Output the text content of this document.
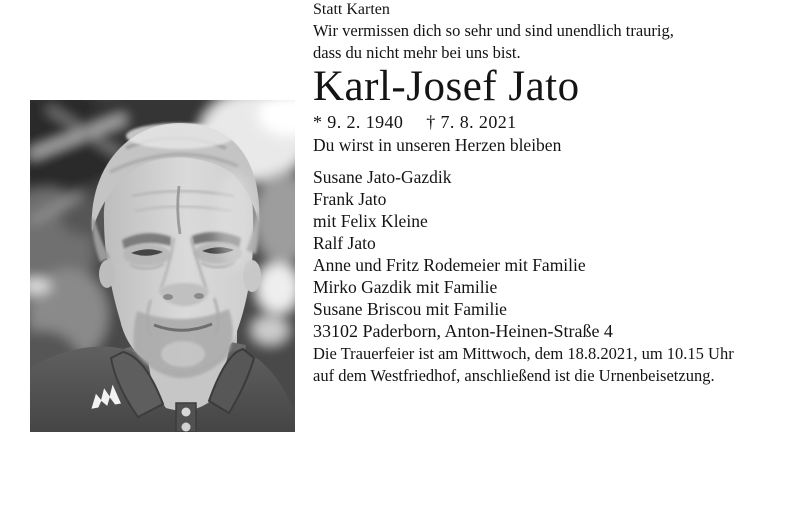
Statt Karten

Wir vermissen dich so sehr und sind unendlich traurig,
dass du nicht mehr bei uns bist.

Karl-Josef Jato

* 9. 2. 1940 † 7. 8. 2021

Du wirst in unseren Herzen bleiben

Susane Jato-Gazdik

Frank Jato
mit Felix Kleine

Ralf Jato

Anne und Fritz Rodemeier mit Familie

Mirko Gazdik mit Familie

Susane Briscou mit Familie

33102 Paderborn, Anton-Heinen-Straße 4

Die Trauerfeier ist am Mittwoch, dem 18.8.2021, um 10.15 Uhr
auf dem Westfriedhof, anschließend ist die Urnenbeisetzung.
